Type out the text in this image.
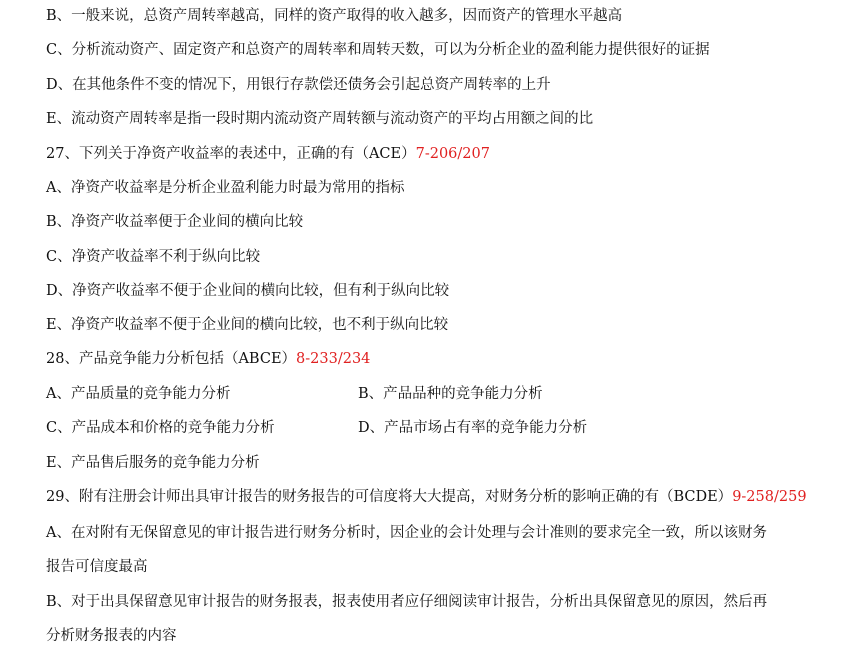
B、一般来说，总资产周转率越高，同样的资产取得的收入越多，因而资产的管理水平越高
C、分析流动资产、固定资产和总资产的周转率和周转天数，可以为分析企业的盈利能力提供很好的证据
D、在其他条件不变的情况下，用银行存款偿还债务会引起总资产周转率的上升
E、流动资产周转率是指一段时期内流动资产周转额与流动资产的平均占用额之间的比
27、下列关于净资产收益率的表述中，正确的有（ACE）7-206/207
A、净资产收益率是分析企业盈利能力时最为常用的指标
B、净资产收益率便于企业间的横向比较
C、净资产收益率不利于纵向比较
D、净资产收益率不便于企业间的横向比较，但有利于纵向比较
E、净资产收益率不便于企业间的横向比较，也不利于纵向比较
28、产品竞争能力分析包括（ABCE）8-233/234
A、产品质量的竞争能力分析	B、产品品种的竞争能力分析
C、产品成本和价格的竞争能力分析	D、产品市场占有率的竞争能力分析
E、产品售后服务的竞争能力分析
29、附有注册会计师出具审计报告的财务报告的可信度将大大提高，对财务分析的影响正确的有（BCDE）9-258/259
A、在对附有无保留意见的审计报告进行财务分析时，因企业的会计处理与会计准则的要求完全一致，所以该财务
报告可信度最高
B、对于出具保留意见审计报告的财务报表，报表使用者应仔细阅读审计报告，分析出具保留意见的原因，然后再
分析财务报表的内容
